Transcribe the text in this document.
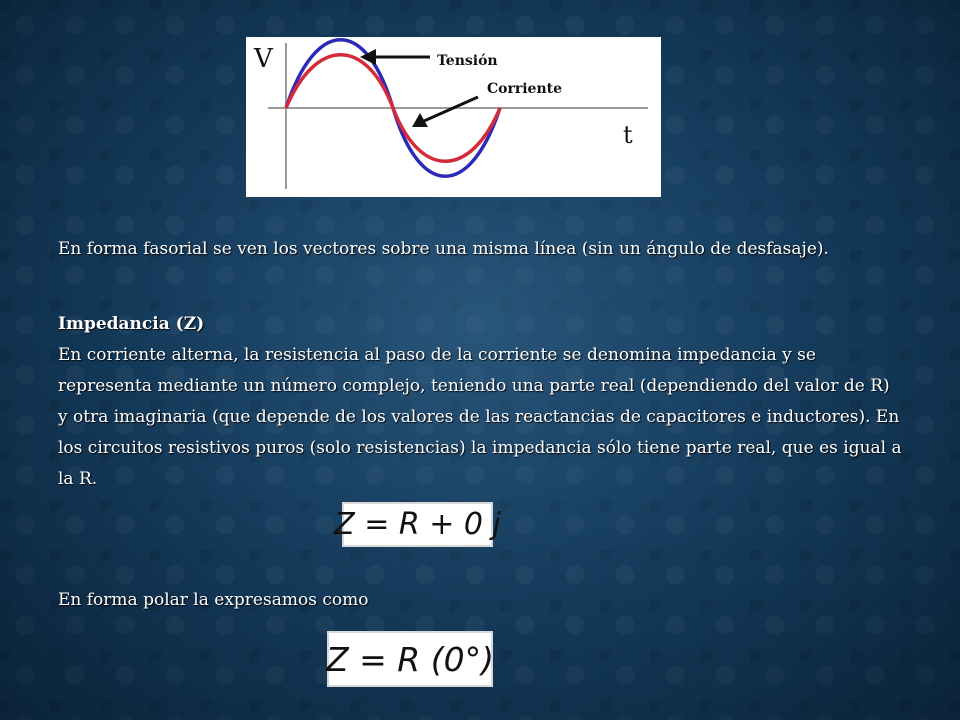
V
t
Tensión
Corriente
En forma fasorial se ven los vectores sobre una misma línea (sin un ángulo de desfasaje).
Impedancia (Z)
En corriente alterna, la resistencia al paso de la corriente se denomina impedancia y se representa mediante un número complejo, teniendo una parte real (dependiendo del valor de R) y otra imaginaria (que depende de los valores de las reactancias de capacitores e inductores). En los circuitos resistivos puros (solo resistencias) la impedancia sólo tiene parte real, que es igual a la R.
Z = R + 0 j
En forma polar la expresamos como
Z = R (0°)
